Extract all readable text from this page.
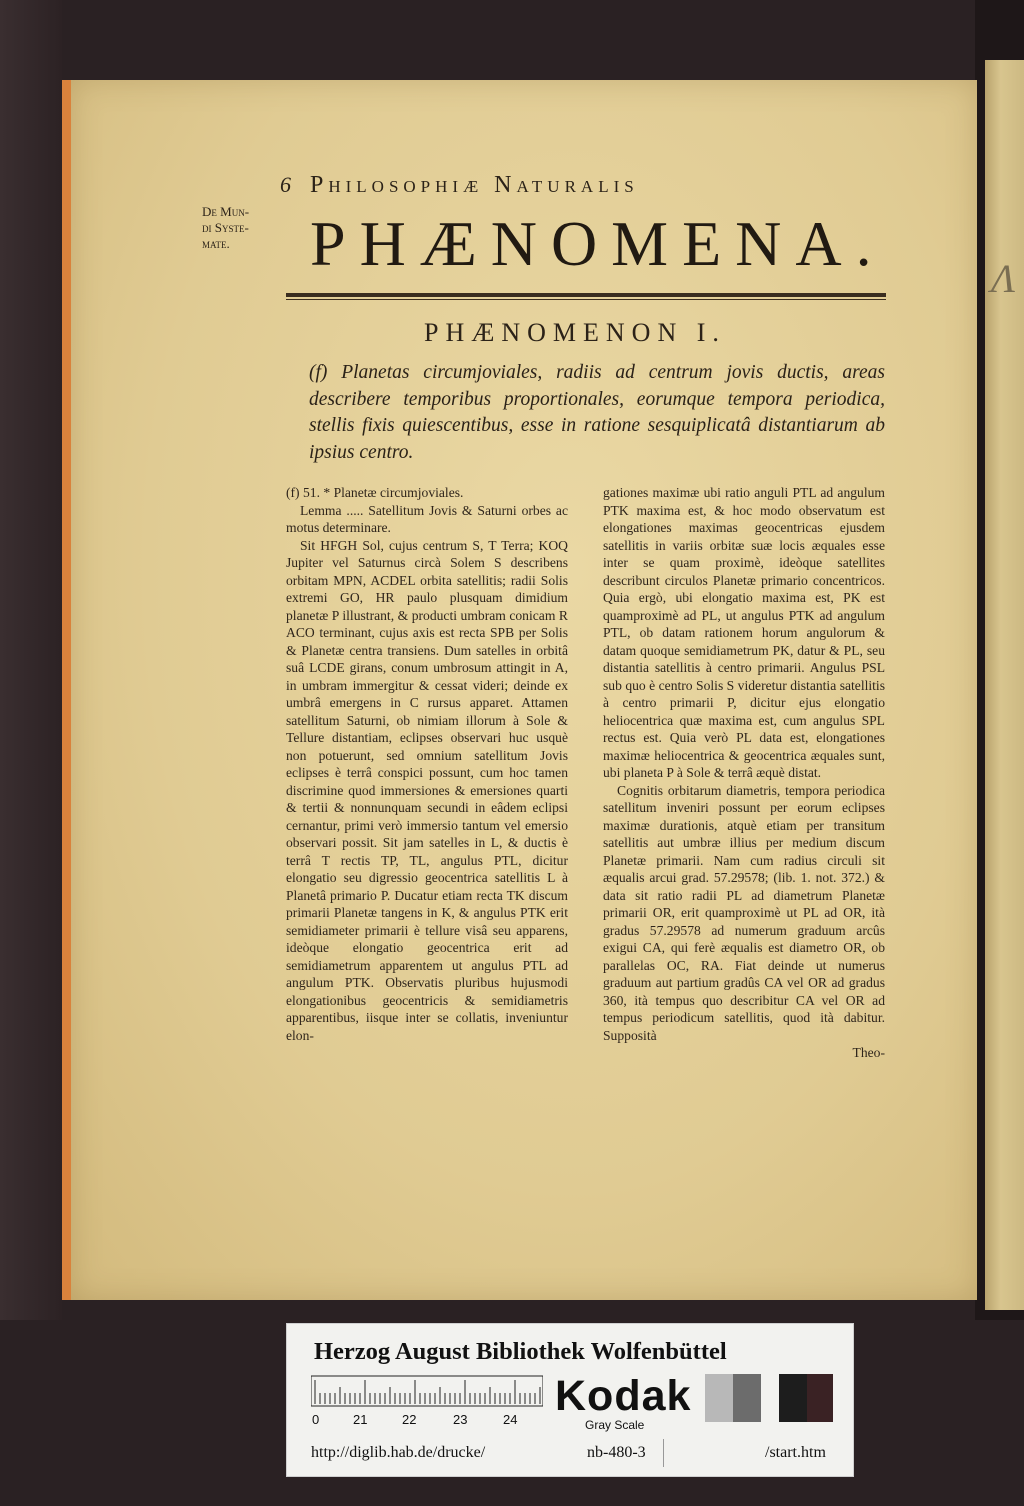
Λ
6 Philosophiæ Naturalis
De Mun-
di Syste-
mate.	PHÆNOMENA.
PHÆNOMENON I.
(f) Planetas circumjoviales, radiis ad centrum jovis ductis, areas describere temporibus proportionales, eorumque tempora periodica, stellis fixis quiescentibus, esse in ratione sesquiplicatâ distantiarum ab ipsius centro.

(f) 51. * Planetæ circumjoviales.

Lemma ..... Satellitum Jovis & Saturni orbes ac motus determinare.

Sit HFGH Sol, cujus centrum S, T Terra; KOQ Jupiter vel Saturnus circà Solem S describens orbitam MPN, ACDEL orbita satellitis; radii Solis extremi GO, HR paulo plusquam dimidium planetæ P illustrant, & producti umbram conicam R ACO terminant, cujus axis est recta SPB per Solis & Planetæ centra transiens. Dum satelles in orbitâ suâ LCDE girans, conum umbrosum attingit in A, in umbram immergitur & cessat videri; deinde ex umbrâ emergens in C rursus apparet. Attamen satellitum Saturni, ob nimiam illorum à Sole & Tellure distantiam, eclipses observari huc usquè non potuerunt, sed omnium satellitum Jovis eclipses è terrâ conspici possunt, cum hoc tamen discrimine quod immersiones & emersiones quarti & tertii & nonnunquam secundi in eâdem eclipsi cernantur, primi verò immersio tantum vel emersio observari possit. Sit jam satelles in L, & ductis è terrâ T rectis TP, TL, angulus PTL, dicitur elongatio seu digressio geocentrica satellitis L à Planetâ primario P. Ducatur etiam recta TK discum primarii Planetæ tangens in K, & angulus PTK erit semidiameter primarii è tellure visâ seu apparens, ideòque elongatio geocentrica erit ad semidiametrum apparentem ut angulus PTL ad angulum PTK. Observatis pluribus hujusmodi elongationibus geocentricis & semidiametris apparentibus, iisque inter se collatis, inveniuntur elon-

gationes maximæ ubi ratio anguli PTL ad angulum PTK maxima est, & hoc modo observatum est elongationes maximas geocentricas ejusdem satellitis in variis orbitæ suæ locis æquales esse inter se quam proximè, ideòque satellites describunt circulos Planetæ primario concentricos. Quia ergò, ubi elongatio maxima est, PK est quamproximè ad PL, ut angulus PTK ad angulum PTL, ob datam rationem horum angulorum & datam quoque semidiametrum PK, datur & PL, seu distantia satellitis à centro primarii. Angulus PSL sub quo è centro Solis S videretur distantia satellitis à centro primarii P, dicitur ejus elongatio heliocentrica quæ maxima est, cum angulus SPL rectus est. Quia verò PL data est, elongationes maximæ heliocentrica & geocentrica æquales sunt, ubi planeta P à Sole & terrâ æquè distat.

Cognitis orbitarum diametris, tempora periodica satellitum inveniri possunt per eorum eclipses maximæ durationis, atquè etiam per transitum satellitis aut umbræ illius per medium discum Planetæ primarii. Nam cum radius circuli sit æqualis arcui grad. 57.29578; (lib. 1. not. 372.) & data sit ratio radii PL ad diametrum Planetæ primarii OR, erit quamproximè ut PL ad OR, ità gradus 57.29578 ad numerum graduum arcûs exigui CA, qui ferè æqualis est diametro OR, ob parallelas OC, RA. Fiat deinde ut numerus graduum aut partium gradûs CA vel OR ad gradus 360, ità tempus quo describitur CA vel OR ad tempus periodicum satellitis, quod ità dabitur. Supposità

Theo-

Herzog August Bibliothek Wolfenbüttel
0	21	22	23	24 Kodak
Gray Scale
http://diglib.hab.de/drucke/	nb-480-3	/start.htm
